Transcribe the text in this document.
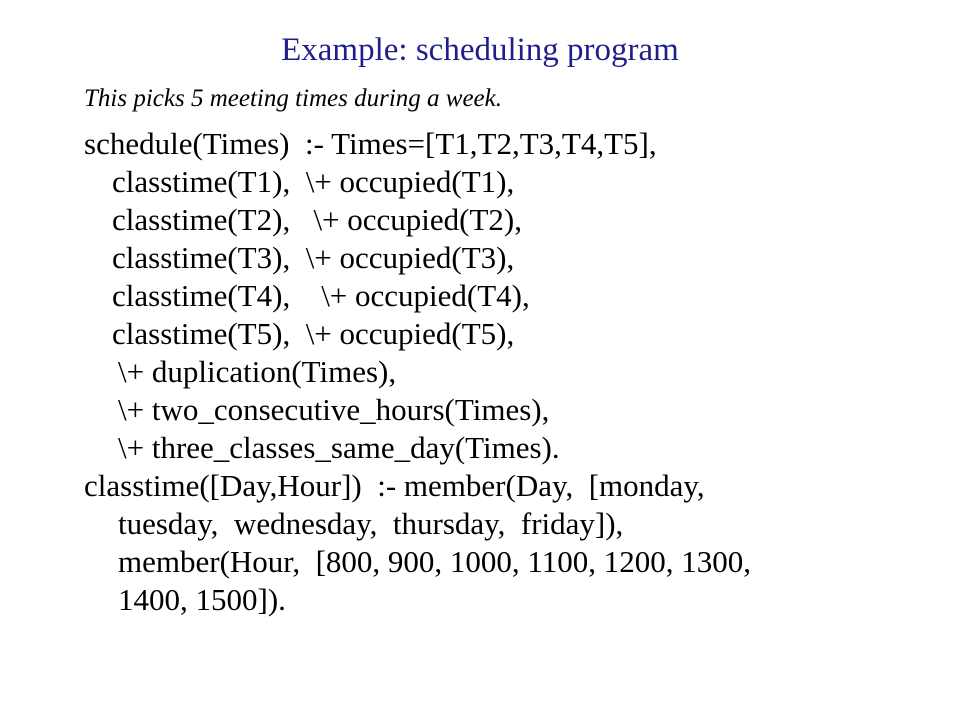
Example: scheduling program
This picks 5 meeting times during a week.

schedule(Times)  :- Times=[T1,T2,T3,T4,T5],

classtime(T1),  \+ occupied(T1),

classtime(T2),   \+ occupied(T2),

classtime(T3),  \+ occupied(T3),

classtime(T4),    \+ occupied(T4),

classtime(T5),  \+ occupied(T5),

\+ duplication(Times),

\+ two_consecutive_hours(Times),

\+ three_classes_same_day(Times).

classtime([Day,Hour])  :- member(Day,  [monday,

tuesday,  wednesday,  thursday,  friday]),

member(Hour,  [800, 900, 1000, 1100, 1200, 1300,

1400, 1500]).
